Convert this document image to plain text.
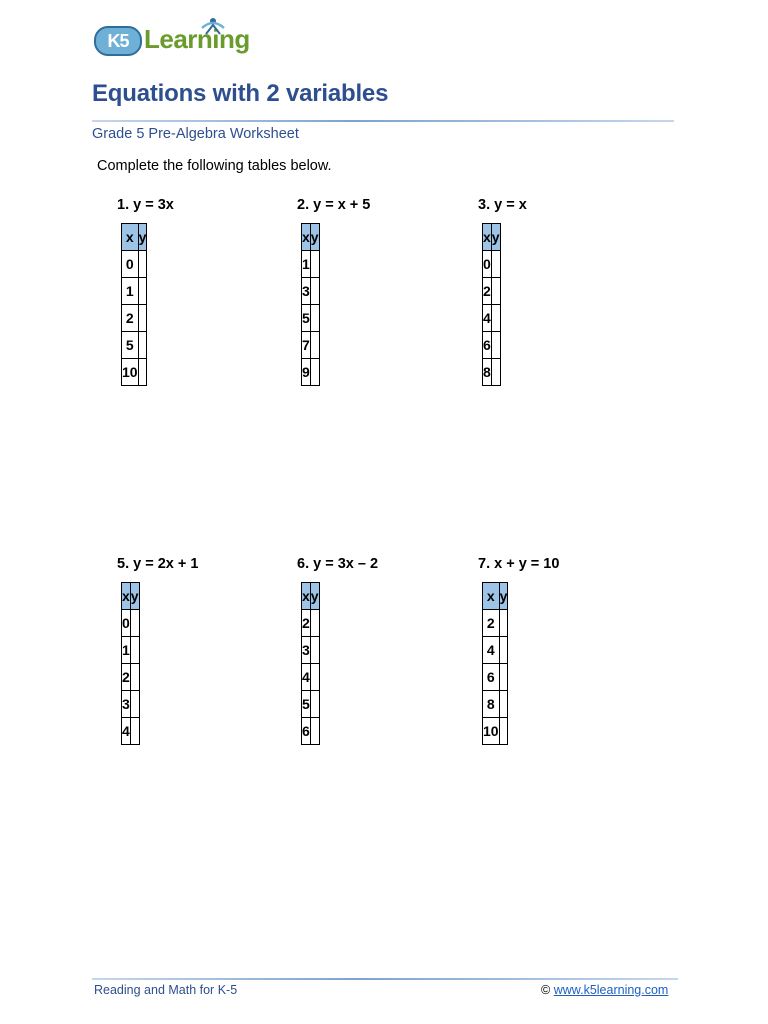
K5 Learning
Equations with 2 variables
Grade 5 Pre-Algebra Worksheet
Complete the following tables below.
1. y = 3x
x	y
0	
1	
2	
5	
10	
2. y = x + 5
x	y
1	
3	
5	
7	
9	
3. y = x
x	y
0	
2	
4	
6	
8	
5. y = 2x + 1
x	y
0	
1	
2	
3	
4	
6. y = 3x – 2
x	y
2	
3	
4	
5	
6	
7. x + y = 10
x	y
2	
4	
6	
8	
10	
Reading and Math for K-5	© www.k5learning.com
